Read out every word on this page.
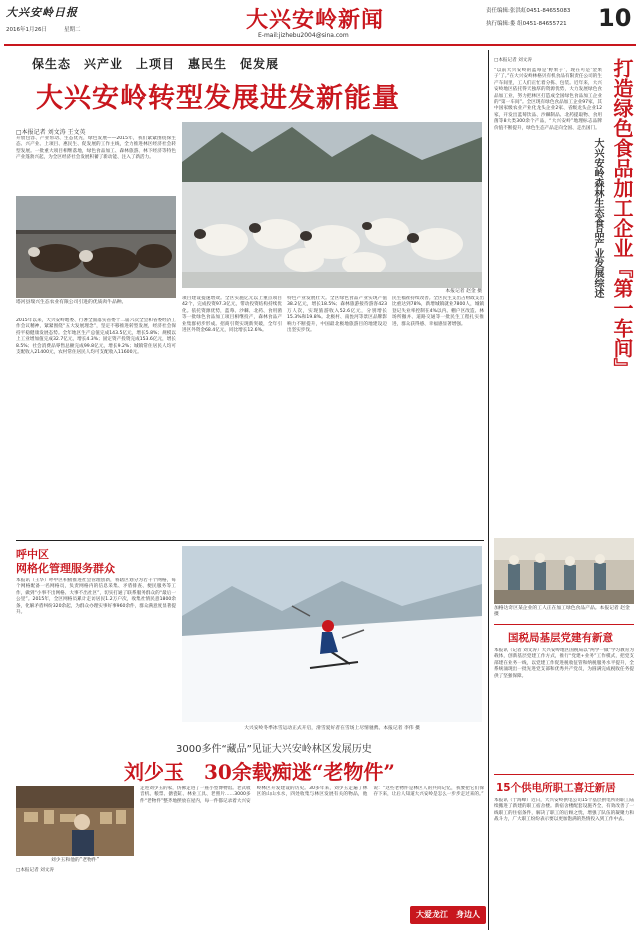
大兴安岭日报
2016年1月26日	星期二	大兴安岭新闻
E-mail:jizhebu2004@sina.com
责任编辑:张洪虹0451-84655083
执行编辑:婁 组0451-84655721 10
保生态　兴产业　上项目　惠民生　促发展
大兴安岭转型发展进发新能量
□本报记者 刘文涛 王文英
开放包容、产业带动、生态优先，绿色发展——2015年，我们紧紧围绕保生态、兴产业、上项目、惠民生、促发展的工作主线，全力推进林区经济社会转型发展。一批重大项目相继落地，绿色食品加工、森林旅游、林下经济等特色产业蓬勃兴起，为全区经济社会发展积蓄了新动能、注入了新活力。
本报记者 赵金 摄
塔河县瑞兴生态农业有限公司引进的优质肉牛品种。
2015年以来，大兴安岭地委、行署全面落实省委十二届六次全会和省委经济工作会议精神，紧紧围绕“五大发展理念”，坚定不移推进转型发展，经济社会保持平稳健康发展态势。全年地区生产总值完成143.5亿元，增长5.8%；规模以上工业增加值完成32.7亿元，增长4.3%；固定资产投资完成153.6亿元，增长8.5%；社会消费品零售总额完成99.8亿元，增长9.2%；城镇常住居民人均可支配收入21400元，农村常住居民人均可支配收入11600元。
项目建设提速增效。全区实施亿元以上重点项目42个，完成投资97.3亿元，带动投资结构持续优化。依托资源优势，蓝莓、沙棘、北药、食用菌等一批绿色食品加工项目相继投产，森林食品产业集群初步形成。招商引资实现新突破，全年引进区外资金68.4亿元，同比增长12.6%。
特色产业发展壮大。全区绿色食品产业实现产值38.2亿元，增长18.5%；森林旅游接待游客423万人次，实现旅游收入52.6亿元，分别增长15.3%和19.8%。北极村、南瓮河等景区品牌影响力不断提升，中国最北极地旅游目的地建设迈出坚实步伐。
民生福祉持续改善。全区民生支出占财政支出比重达到78%，新增城镇就业7800人，城镇登记失业率控制在4%以内。棚户区改造、林场所撤并、道路交通等一批民生工程扎实推进，群众获得感、幸福感显著增强。
□本报记者 刘文涛
“以前大兴安岭的蓝莓是‘野果子’，现在可是‘金果子’了。”在大兴安岭林格贝有机食品有限责任公司的生产车间里，工人们正忙着分拣、包装。近年来，大兴安岭地区依托得天独厚的资源优势，大力发展绿色食品加工业，努力把林区打造成全国绿色食品加工企业的“第一车间”。全区现有绿色食品加工企业97家，其中国家级农业产业化龙头企业2家、省级龙头企业12家，开发出蓝莓饮品、沙棘制品、北药提取物、食用菌等8大类300余个产品，“大兴安岭”地理标志品牌价值不断提升，绿色生态产品走向全国、走出国门。 打造绿色食品加工企业『第一车间』
大兴安岭森林生态食品产业发展综述
加格达奇区某企业的工人正在加工绿色食品产品。本报记者 赵金 摄
国税局基层党建有新意
本报讯（记者 刘文涛）大兴安岭地区国税局以“两学一做”学习教育为载体，创新基层党建工作方式，推行“党建+业务”工作模式，把党支部建在业务一线，以党建工作促进税收征管和纳税服务水平提升，全系统涌现出一批先进党支部和优秀共产党员，为圆满完成税收任务提供了坚强保障。
15个供电所职工喜迁新居
本报讯（于海峰）近日，大兴安岭供电公司15个基层供电所的职工陆续搬进了新建的职工宿舍楼。新宿舍楼配套设施齐全，有效改善了一线职工的住宿条件，解决了职工的后顾之忧，增强了队伍的凝聚力和战斗力，广大职工纷纷表示要以更加饱满的热情投入到工作中去。
呼中区
网格化管理服务群众
本报讯（王华）呼中区积极推进社会管理创新，将辖区划分为若干个网格，每个网格配备一名网格员，负责网格内的信息采集、矛盾排查、便民服务等工作，做到“小事不出网格、大事不出社区”，切实打通了联系服务群众的“最后一公里”。2015年，全区网格员累计走访居民1.2万户次，收集社情民意1800余条，化解矛盾纠纷320余起，为群众办理实事好事960余件，群众满意度显著提升。
大兴安岭冬季冰雪运动正式开启，滑雪爱好者在雪场上尽情驰骋。本报记者 李伟 摄
3000多件“藏品”见证大兴安岭林区发展历史
刘少玉　30余载痴迷“老物件”
刘少玉和他的“老物件”
□本报记者 刘文涛
走进刘少玉的家，仿佛走进了一座小型博物馆。老式收音机、粮票、搪瓷缸、林业工具、老照片……3000多件“老物件”整齐地摆放在屋内，每一件都记录着大兴安岭林区开发建设的历史。30多年来，刘少玉走遍了林区的山山水水，四处收集与林区发展有关的物品，他说：“这些老物件是林区人的共同记忆，我要把它们保存下来，让后人知道大兴安岭是怎么一步步走过来的。”
大爱龙江　身边人
